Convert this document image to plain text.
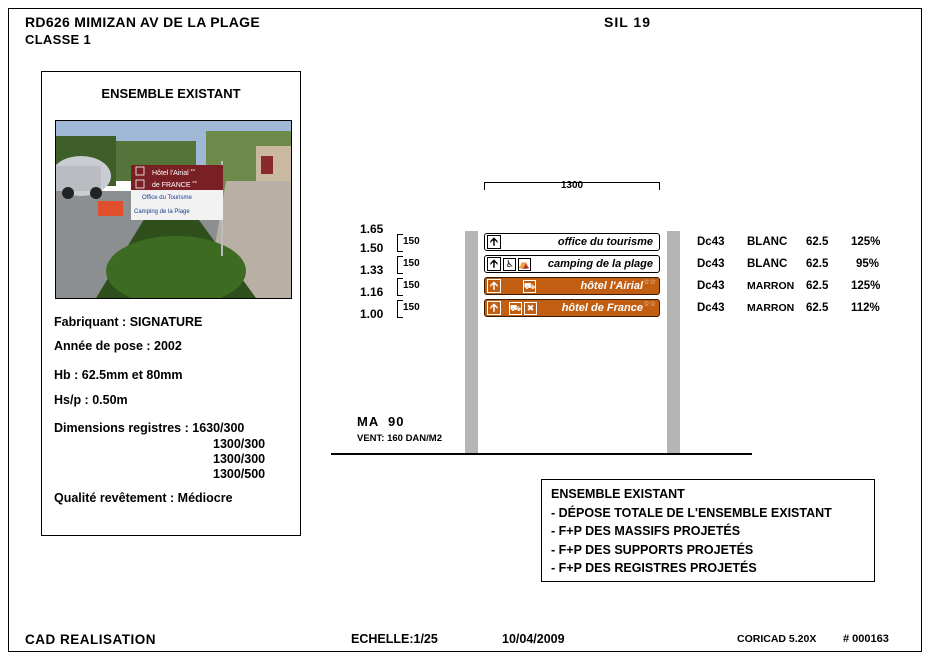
RD626 MIMIZAN AV DE LA PLAGE
CLASSE 1
SIL 19
ENSEMBLE EXISTANT
Hôtel l'Airial ˚˚
de FRANCE ˚˚
Office du Tourisme
Camping de la Plage
Fabriquant : SIGNATURE
Année de pose : 2002
Hb : 62.5mm et 80mm
Hs/p : 0.50m
Dimensions registres : 1630/300
1300/300
1300/300
1300/500
Qualité revêtement : Médiocre
1300
1.65
1.50
1.33
1.16
1.00
150
150
150
150
🡩	office du tourisme
🡩 ♿ ⛺	camping de la plage
🡩	⛟	hôtel l'Airial ☆☆
🡩	⛟ ✖	hôtel de France ☆☆
Dc43 BLANC 62.5 125%
Dc43 BLANC 62.5 95%
Dc43 MARRON 62.5 125%
Dc43 MARRON 62.5 112%
MA  90
VENT: 160 DAN/M2
ENSEMBLE EXISTANT
- DÉPOSE TOTALE DE L'ENSEMBLE EXISTANT
- F+P DES MASSIFS PROJETÉS
- F+P DES SUPPORTS PROJETÉS
- F+P DES REGISTRES PROJETÉS
CAD REALISATION	ECHELLE:1/25	10/04/2009	CORICAD 5.20X # 000163
